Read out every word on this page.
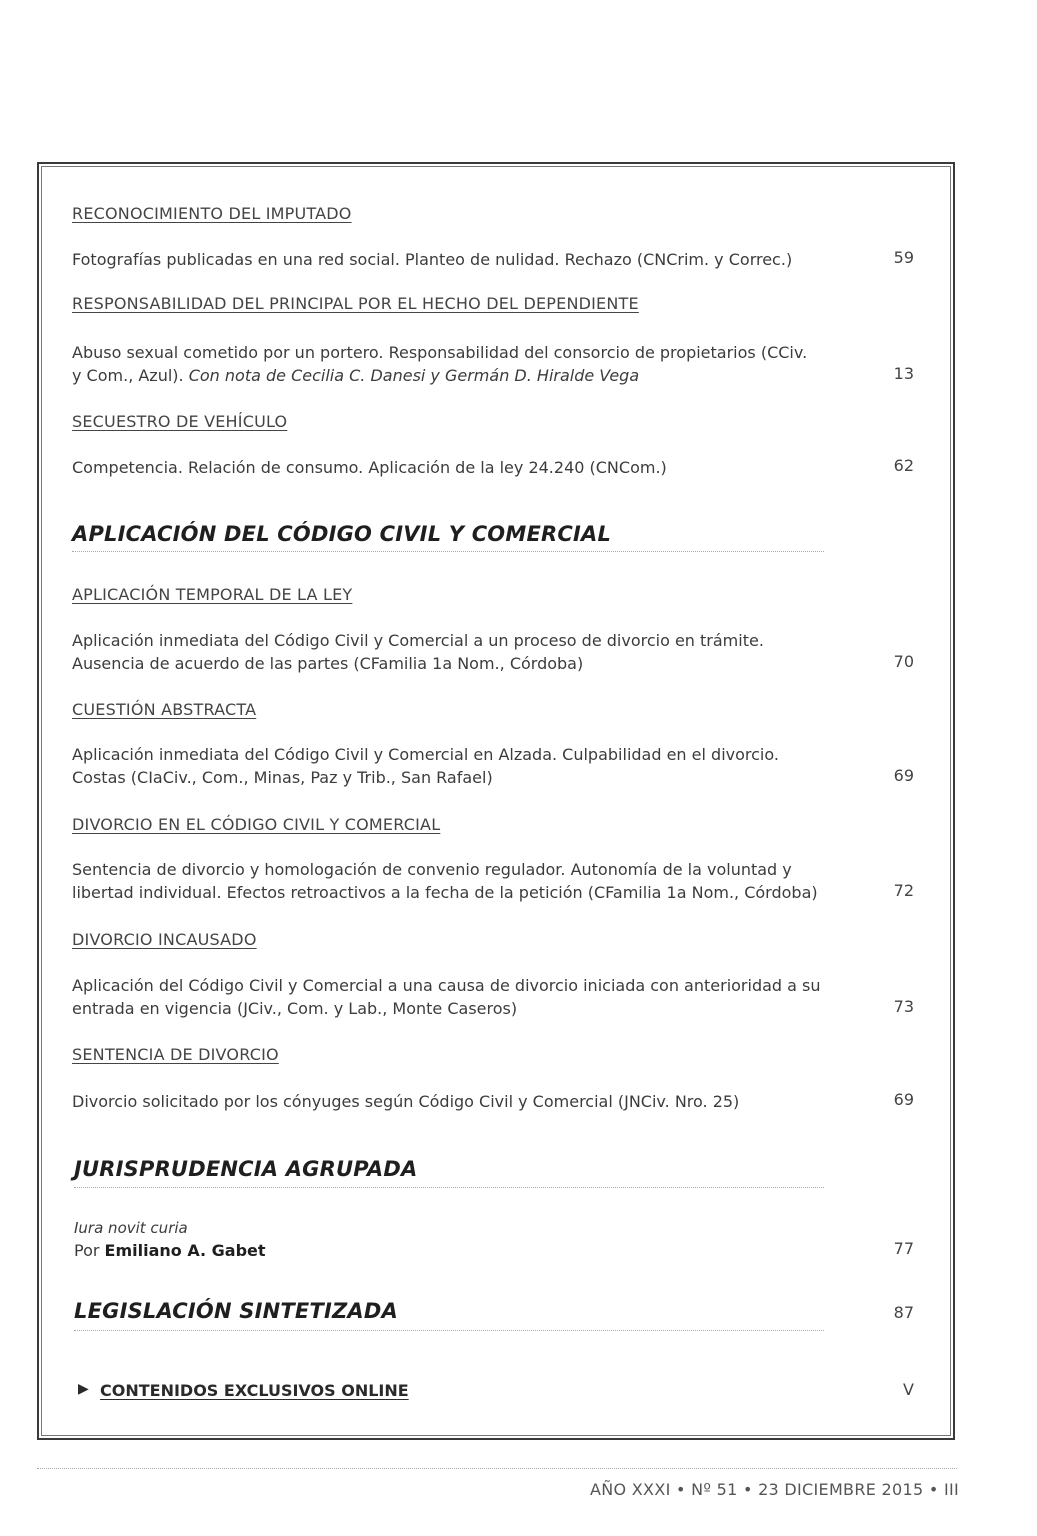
RECONOCIMIENTO DEL IMPUTADO
Fotografías publicadas en una red social. Planteo de nulidad. Rechazo (CNCrim. y Correc.)	59
RESPONSABILIDAD DEL PRINCIPAL POR EL HECHO DEL DEPENDIENTE
Abuso sexual cometido por un portero. Responsabilidad del consorcio de propietarios (CCiv.
y Com., Azul). Con nota de Cecilia C. Danesi y Germán D. Hiralde Vega	13
SECUESTRO DE VEHÍCULO
Competencia. Relación de consumo. Aplicación de la ley 24.240 (CNCom.)	62
APLICACIÓN DEL CÓDIGO CIVIL Y COMERCIAL
APLICACIÓN TEMPORAL DE LA LEY
Aplicación inmediata del Código Civil y Comercial a un proceso de divorcio en trámite. Ausencia de acuerdo de las partes (CFamilia 1a Nom., Córdoba)	70
CUESTIÓN ABSTRACTA
Aplicación inmediata del Código Civil y Comercial en Alzada. Culpabilidad en el divorcio. Costas (CIaCiv., Com., Minas, Paz y Trib., San Rafael)	69
DIVORCIO EN EL CÓDIGO CIVIL Y COMERCIAL
Sentencia de divorcio y homologación de convenio regulador. Autonomía de la voluntad y libertad individual. Efectos retroactivos a la fecha de la petición (CFamilia 1a Nom., Córdoba)	72
DIVORCIO INCAUSADO
Aplicación del Código Civil y Comercial a una causa de divorcio iniciada con anterioridad a su entrada en vigencia (JCiv., Com. y Lab., Monte Caseros)	73
SENTENCIA DE DIVORCIO
Divorcio solicitado por los cónyuges según Código Civil y Comercial (JNCiv. Nro. 25)	69
JURISPRUDENCIA AGRUPADA
Iura novit curia
Por Emiliano A. Gabet	77
LEGISLACIÓN SINTETIZADA	87
▶ CONTENIDOS EXCLUSIVOS ONLINE	V
AÑO XXXI • Nº 51 • 23 DICIEMBRE 2015 • III
